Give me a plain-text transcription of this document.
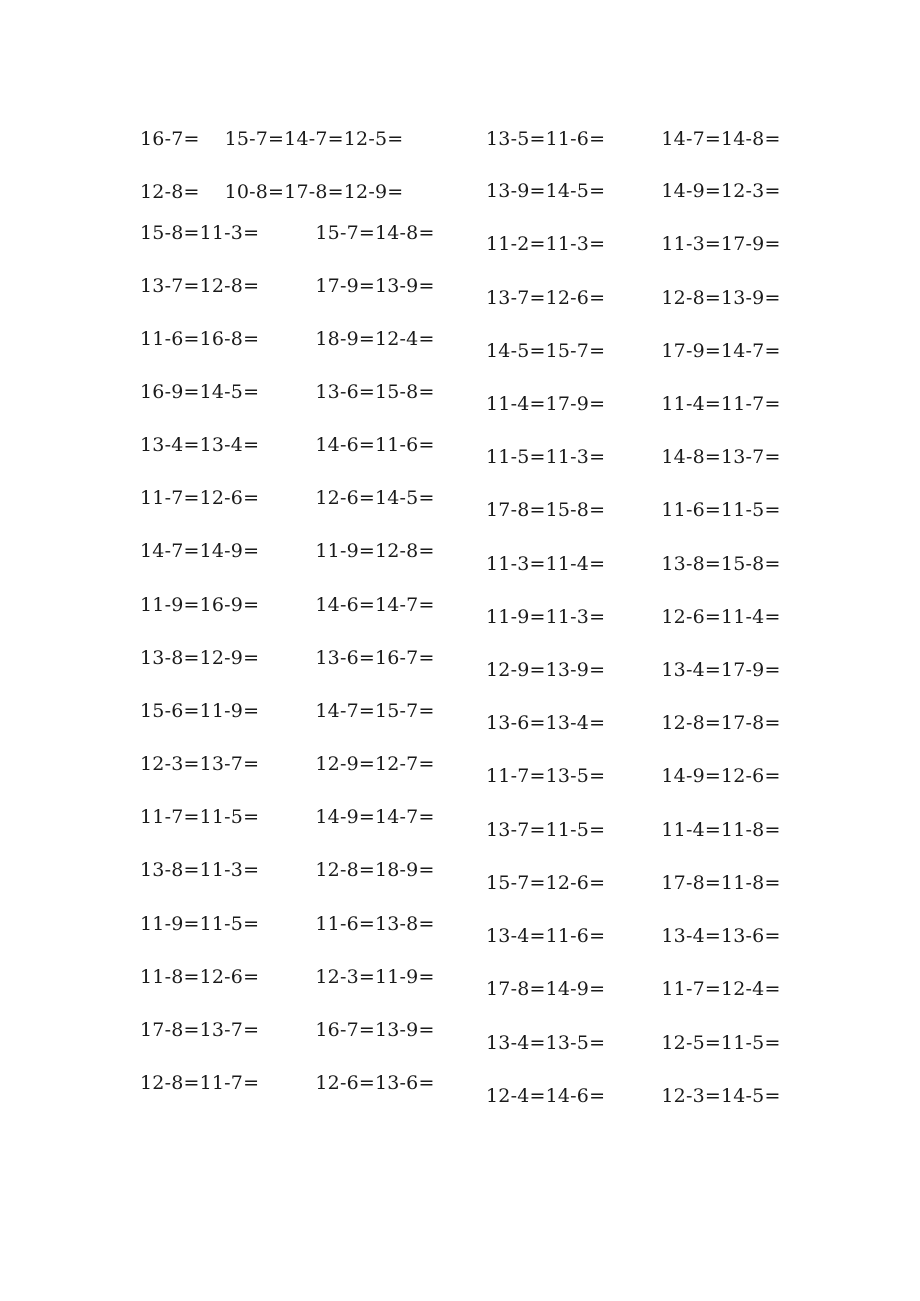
16-7=    15-7=14-7=12-5=
12-8=    10-8=17-8=12-9=
15-8=11-3=         15-7=14-8=
13-7=12-8=         17-9=13-9=
11-6=16-8=         18-9=12-4=
16-9=14-5=         13-6=15-8=
13-4=13-4=         14-6=11-6=
11-7=12-6=         12-6=14-5=
14-7=14-9=         11-9=12-8=
11-9=16-9=         14-6=14-7=
13-8=12-9=         13-6=16-7=
15-6=11-9=         14-7=15-7=
12-3=13-7=         12-9=12-7=
11-7=11-5=         14-9=14-7=
13-8=11-3=         12-8=18-9=
11-9=11-5=         11-6=13-8=
11-8=12-6=         12-3=11-9=
17-8=13-7=         16-7=13-9=
12-8=11-7=         12-6=13-6=
13-5=11-6=         14-7=14-8=
13-9=14-5=         14-9=12-3=
11-2=11-3=         11-3=17-9=
13-7=12-6=         12-8=13-9=
14-5=15-7=         17-9=14-7=
11-4=17-9=         11-4=11-7=
11-5=11-3=         14-8=13-7=
17-8=15-8=         11-6=11-5=
11-3=11-4=         13-8=15-8=
11-9=11-3=         12-6=11-4=
12-9=13-9=         13-4=17-9=
13-6=13-4=         12-8=17-8=
11-7=13-5=         14-9=12-6=
13-7=11-5=         11-4=11-8=
15-7=12-6=         17-8=11-8=
13-4=11-6=         13-4=13-6=
17-8=14-9=         11-7=12-4=
13-4=13-5=         12-5=11-5=
12-4=14-6=         12-3=14-5=
